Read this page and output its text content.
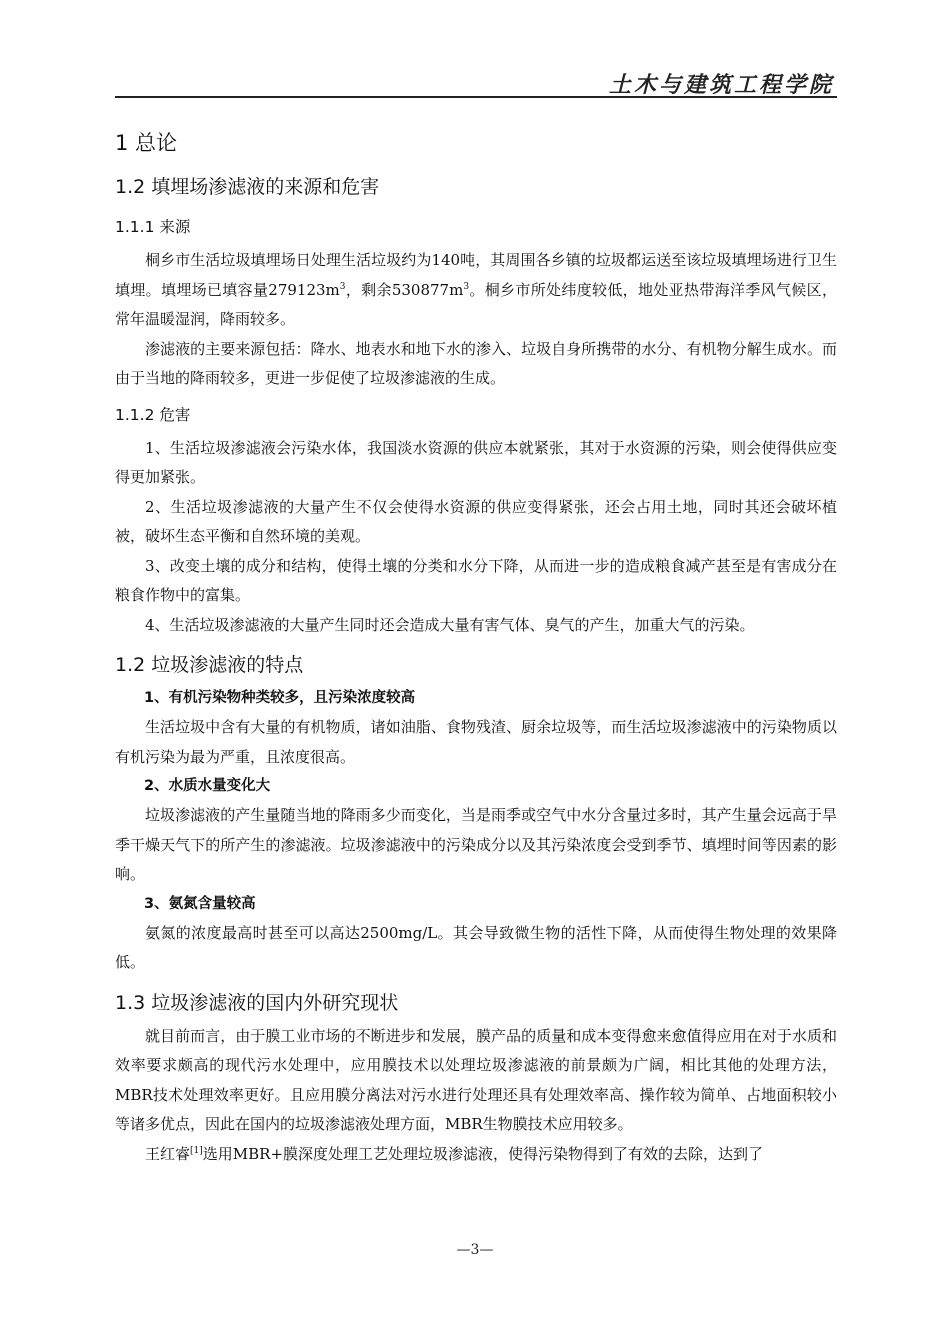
土木与建筑工程学院
1 总论
1.2 填埋场渗滤液的来源和危害
1.1.1 来源

桐乡市生活垃圾填埋场日处理生活垃圾约为140吨，其周围各乡镇的垃圾都运送至该垃圾填埋场进行卫生填埋。填埋场已填容量$279123m^3$，剩余$530877m^3$。桐乡市所处纬度较低，地处亚热带海洋季风气候区，常年温暖湿润，降雨较多。

渗滤液的主要来源包括：降水、地表水和地下水的渗入、垃圾自身所携带的水分、有机物分解生成水。而由于当地的降雨较多，更进一步促使了垃圾渗滤液的生成。

1.1.2 危害

1、生活垃圾渗滤液会污染水体，我国淡水资源的供应本就紧张，其对于水资源的污染，则会使得供应变得更加紧张。

2、生活垃圾渗滤液的大量产生不仅会使得水资源的供应变得紧张，还会占用土地，同时其还会破坏植被，破坏生态平衡和自然环境的美观。

3、改变土壤的成分和结构，使得土壤的分类和水分下降，从而进一步的造成粮食减产甚至是有害成分在粮食作物中的富集。

4、生活垃圾渗滤液的大量产生同时还会造成大量有害气体、臭气的产生，加重大气的污染。

1.2 垃圾渗滤液的特点

1、有机污染物种类较多，且污染浓度较高

生活垃圾中含有大量的有机物质，诸如油脂、食物残渣、厨余垃圾等，而生活垃圾渗滤液中的污染物质以有机污染为最为严重，且浓度很高。

2、水质水量变化大

垃圾渗滤液的产生量随当地的降雨多少而变化，当是雨季或空气中水分含量过多时，其产生量会远高于旱季干燥天气下的所产生的渗滤液。垃圾渗滤液中的污染成分以及其污染浓度会受到季节、填埋时间等因素的影响。

3、氨氮含量较高

氨氮的浓度最高时甚至可以高达2500mg/L。其会导致微生物的活性下降，从而使得生物处理的效果降低。

1.3 垃圾渗滤液的国内外研究现状

就目前而言，由于膜工业市场的不断进步和发展，膜产品的质量和成本变得愈来愈值得应用在对于水质和效率要求颇高的现代污水处理中，应用膜技术以处理垃圾渗滤液的前景颇为广阔，相比其他的处理方法，MBR技术处理效率更好。且应用膜分离法对污水进行处理还具有处理效率高、操作较为简单、占地面积较小等诸多优点，因此在国内的垃圾渗滤液处理方面，MBR生物膜技术应用较多。

王红睿[1]选用MBR+膜深度处理工艺处理垃圾渗滤液，使得污染物得到了有效的去除，达到了

—3—
